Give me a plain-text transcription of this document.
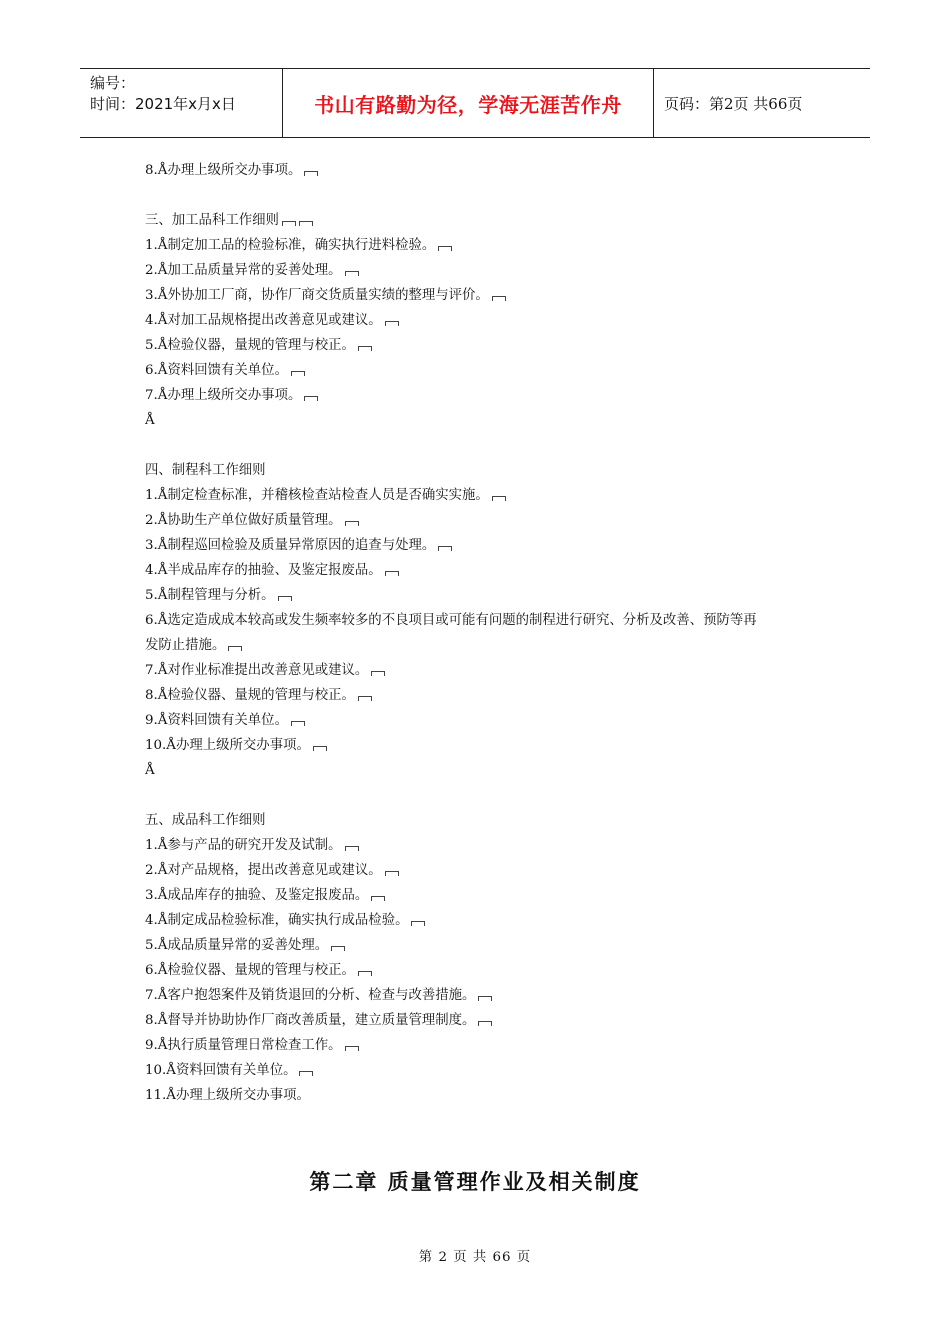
编号：
时间：2021年x月x日	书山有路勤为径，学海无涯苦作舟	页码：第2页 共66页
8.Å办理上级所交办事项。
三、加工品科工作细则
1.Å制定加工品的检验标准，确实执行进料检验。
2.Å加工品质量异常的妥善处理。
3.Å外协加工厂商，协作厂商交货质量实绩的整理与评价。
4.Å对加工品规格提出改善意见或建议。
5.Å检验仪器，量规的管理与校正。
6.Å资料回馈有关单位。
7.Å办理上级所交办事项。
Å
四、制程科工作细则
1.Å制定检查标准，并稽核检查站检查人员是否确实实施。
2.Å协助生产单位做好质量管理。
3.Å制程巡回检验及质量异常原因的追查与处理。
4.Å半成品库存的抽验、及鉴定报废品。
5.Å制程管理与分析。
6.Å选定造成成本较高或发生频率较多的不良项目或可能有问题的制程进行研究、分析及改善、预防等再
发防止措施。
7.Å对作业标准提出改善意见或建议。
8.Å检验仪器、量规的管理与校正。
9.Å资料回馈有关单位。
10.Å办理上级所交办事项。
Å
五、成品科工作细则
1.Å参与产品的研究开发及试制。
2.Å对产品规格，提出改善意见或建议。
3.Å成品库存的抽验、及鉴定报废品。
4.Å制定成品检验标准，确实执行成品检验。
5.Å成品质量异常的妥善处理。
6.Å检验仪器、量规的管理与校正。
7.Å客户抱怨案件及销货退回的分析、检查与改善措施。
8.Å督导并协助协作厂商改善质量，建立质量管理制度。
9.Å执行质量管理日常检查工作。
10.Å资料回馈有关单位。
11.Å办理上级所交办事项。
第二章 质量管理作业及相关制度
第 2 页 共 66 页
